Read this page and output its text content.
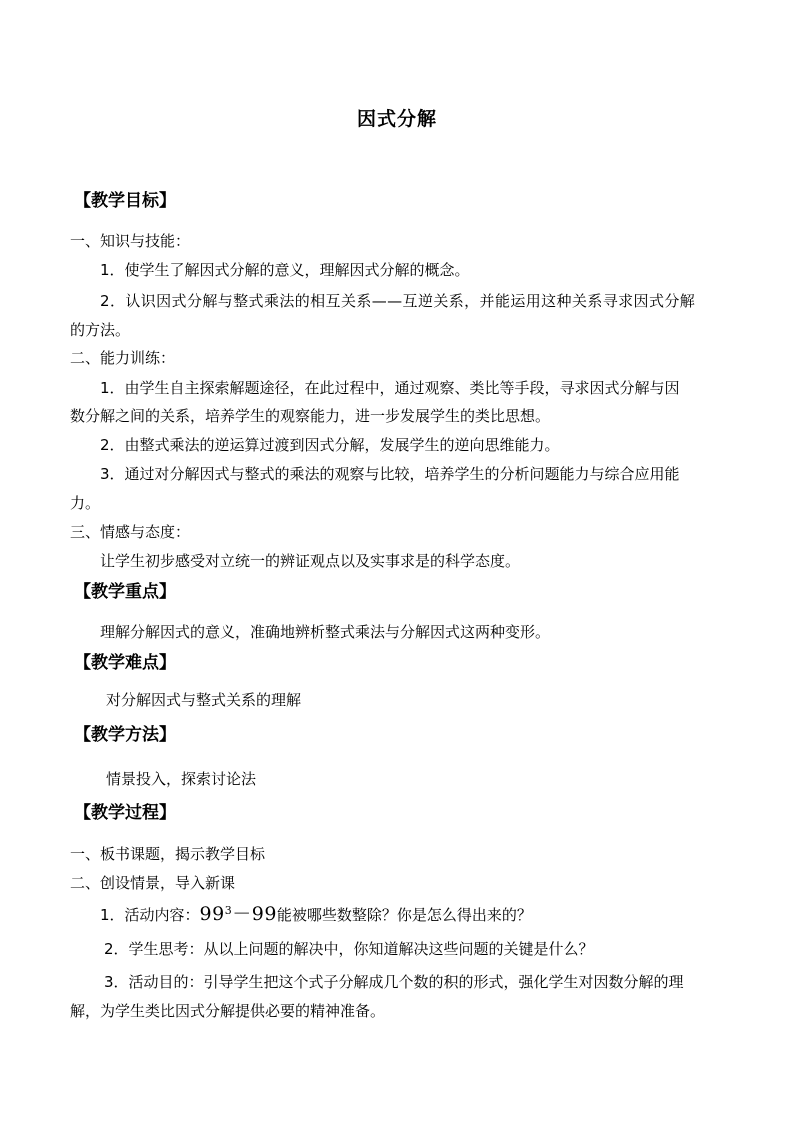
因式分解
【教学目标】
一、知识与技能：
1．使学生了解因式分解的意义，理解因式分解的概念。
2．认识因式分解与整式乘法的相互关系——互逆关系，并能运用这种关系寻求因式分解
的方法。
二、能力训练：
1．由学生自主探索解题途径，在此过程中，通过观察、类比等手段，寻求因式分解与因
数分解之间的关系，培养学生的观察能力，进一步发展学生的类比思想。
2．由整式乘法的逆运算过渡到因式分解，发展学生的逆向思维能力。
3．通过对分解因式与整式的乘法的观察与比较，培养学生的分析问题能力与综合应用能
力。
三、情感与态度：
让学生初步感受对立统一的辨证观点以及实事求是的科学态度。
【教学重点】
理解分解因式的意义，准确地辨析整式乘法与分解因式这两种变形。
【教学难点】
对分解因式与整式关系的理解
【教学方法】
情景投入，探索讨论法
【教学过程】
一、板书课题，揭示教学目标
二、创设情景，导入新课
1．活动内容：$99^3-99$能被哪些数整除？你是怎么得出来的？
2．学生思考：从以上问题的解决中，你知道解决这些问题的关键是什么？
3．活动目的：引导学生把这个式子分解成几个数的积的形式，强化学生对因数分解的理
解，为学生类比因式分解提供必要的精神准备。
